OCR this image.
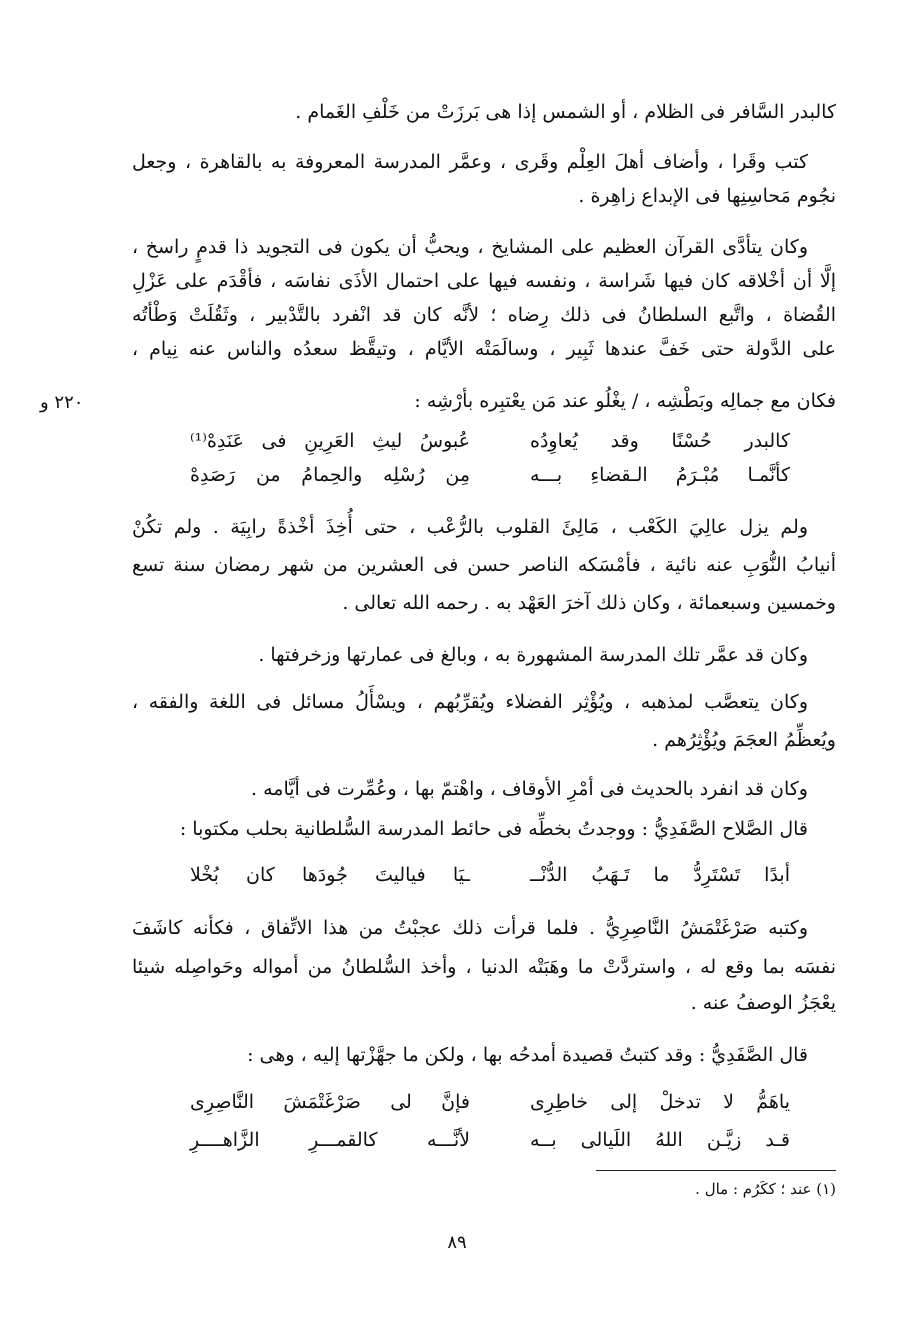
٢٢٠ و
كالبدر السَّافر فى الظلام ، أو الشمس إذا هى بَرزَتْ من خَلْفِ الغَمام .
كتب وقَرا ، وأضاف أهلَ العِلْم وقَرى ، وعمَّر المدرسة المعروفة به بالقاهرة ، وجعل
نجُوم مَحاسِنِها فى الإبداع زاهِرة .
وكان يتأدَّى القرآن العظيم على المشايخ ، ويحبُّ أن يكون فى التجويد ذا قدمٍ راسخ ،
إلَّا أن أخْلاقه كان فيها شَراسة ، ونفسه فيها على احتمال الأذَى نفاسَه ، فأقْدَم على عَزْلِ
القُضاة ، واتَّبع السلطانُ فى ذلك رِضاه ؛ لأنَّه كان قد انْفرد بالتَّدْبير ، وثَقُلَتْ وَطْأتُه
على الدَّولة حتى خَفَّ عندها ثَبِير ، وسالَمَتْه الأيَّام ، وتيقَّظ سعدُه والناس عنه نِيام ،
فكان مع جمالِه وبَطْشِه ، / يغْلُو عند مَن يعْتبِره بأرْشِه :
كالبدر حُسْنًا وقد يُعاوِدُه
عُبوسُ ليثِ العَرِينِ فى عَنَدِهْ⁽¹⁾
كأنَّمـا مُبْـرَمُ الـقضاءِ بـــه
مِن رُسْلِه والحِمامُ من رَصَدِهْ
ولم يزل عالِيَ الكَعْب ، مَالِئَ القلوب بالرُّعْب ، حتى أُخِذَ أخْذةً رابِيَة . ولم تكُنْ
أنيابُ النُّوَبِ عنه نائية ، فأمْسَكه الناصر حسن فى العشرين من شهر رمضان سنة تسع
وخمسين وسبعمائة ، وكان ذلك آخرَ العَهْد به . رحمه الله تعالى .
وكان قد عمَّر تلك المدرسة المشهورة به ، وبالغ فى عمارتها وزخرفتها .
وكان يتعصَّب لمذهبه ، ويُؤْثِر الفضلاء ويُقرِّبُهم ، ويسْأَلُ مسائل فى اللغة والفقه ،
ويُعظِّمُ العجَمَ ويُؤْثِرُهم .
وكان قد انفرد بالحديث فى أمْرِ الأوقاف ، واهْتمّ بها ، وعُمِّرت فى أيَّامه .
قال الصَّلاح الصَّفَدِيُّ : ووجدتُ بخطِّه فى حائط المدرسة السُّلطانية بحلب مكتوبا :
أبدًا تَسْتَرِدُّ ما تَـهَبُ الدُّنْــ
ـيَا فياليتَ جُودَها كان بُخْلا
وكتبه صَرْغَتْمَشُ النَّاصِرِيُّ . فلما قرأت ذلك عجبْتُ من هذا الاتِّفاق ، فكأنه كاشَفَ
نفسَه بما وقع له ، واستردَّتْ ما وهَبَتْه الدنيا ، وأخذ السُّلطانُ من أمواله وحَواصِله شيئا
يعْجَزُ الوصفُ عنه .
قال الصَّفَدِيُّ : وقد كتبتُ قصيدة أمدحُه بها ، ولكن ما جهَّزْتها إليه ، وهى :
ياهَمُّ لا تدخلْ إلى خاطِرِى
فإنَّ لى صَرْغَتْمَشَ النَّاصِرِى
قـد زيَّـن اللهُ اللَيالى بــه
لأنَّـــه كالقمـــرِ الزَّاهــــرِ
(١) عند ؛ ككَرُم : مال .
٨٩
